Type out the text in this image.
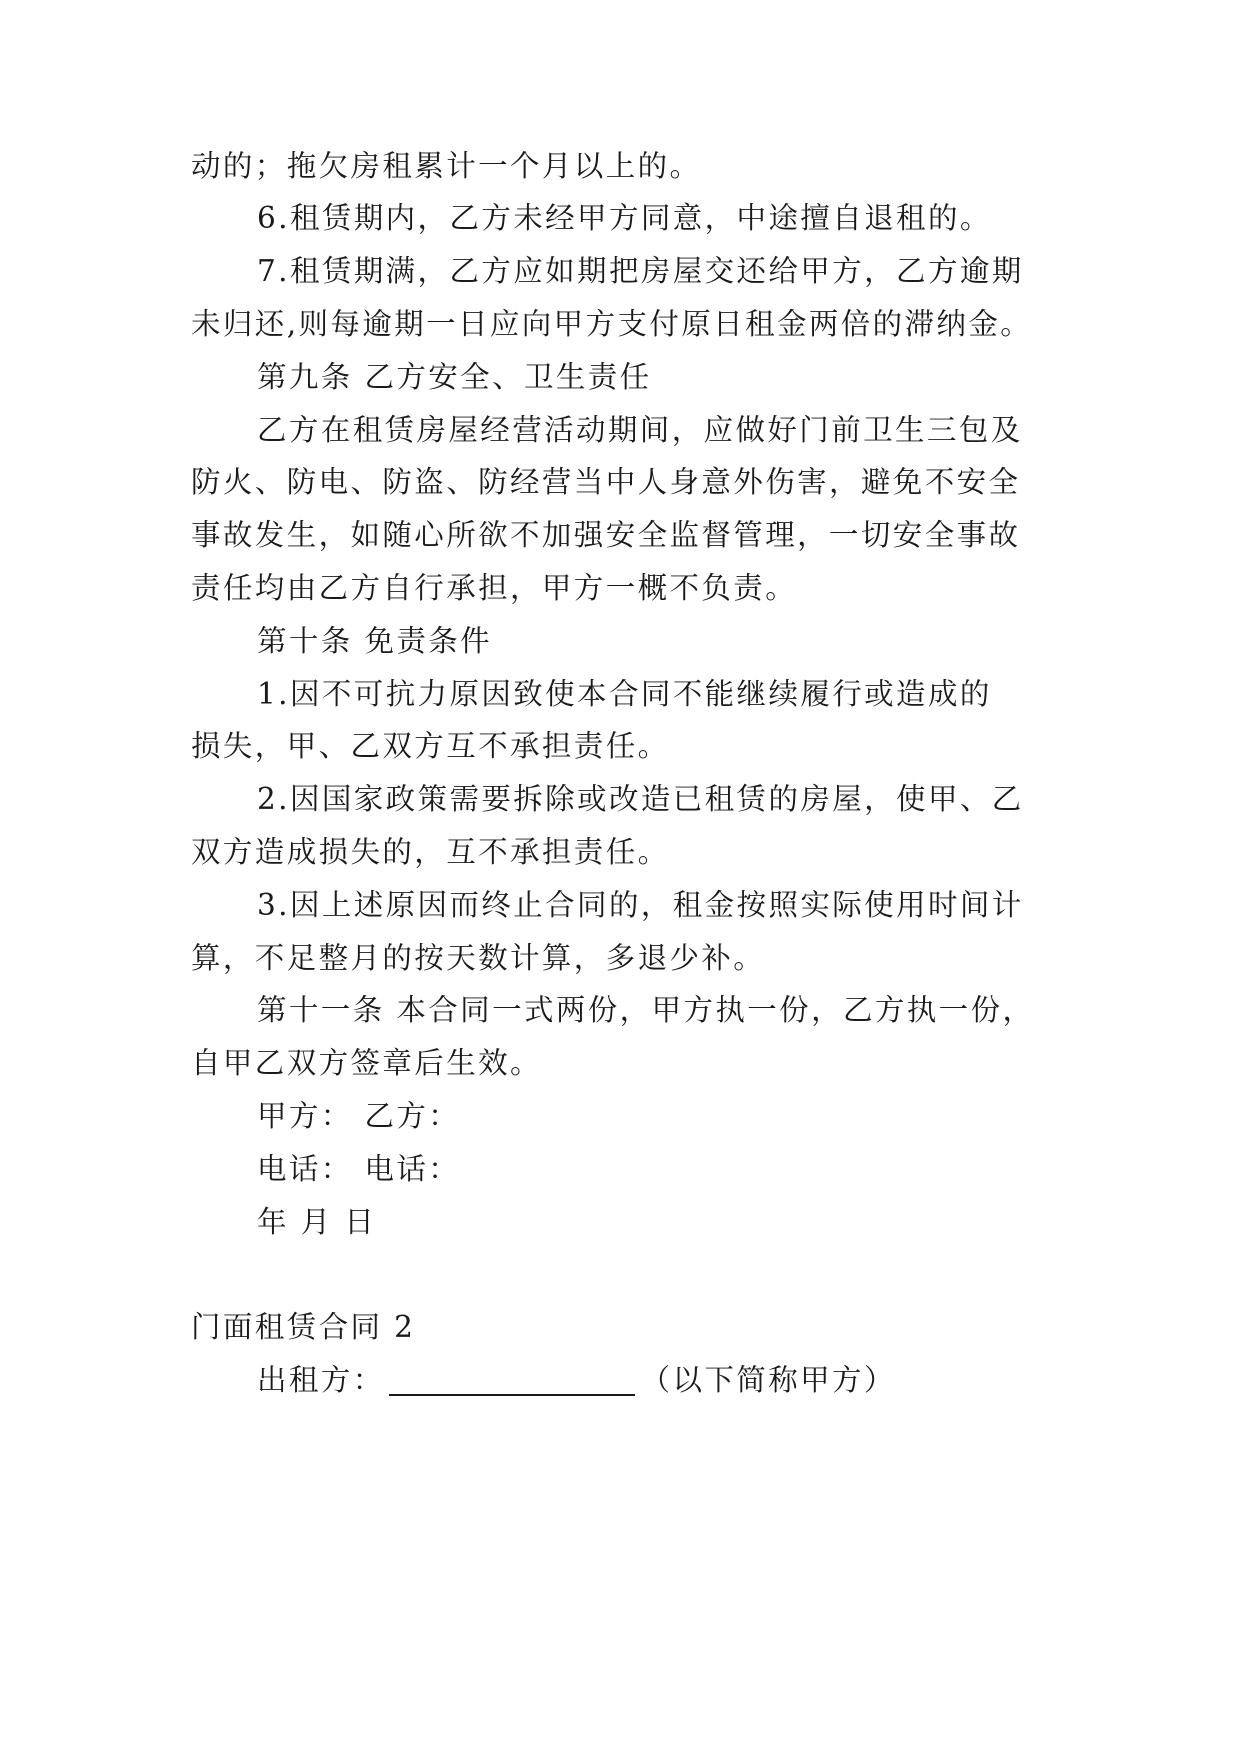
动的；拖欠房租累计一个月以上的。
6.租赁期内，乙方未经甲方同意，中途擅自退租的。
7.租赁期满，乙方应如期把房屋交还给甲方，乙方逾期
未归还,则每逾期一日应向甲方支付原日租金两倍的滞纳金。
第九条 乙方安全、卫生责任
乙方在租赁房屋经营活动期间，应做好门前卫生三包及
防火、防电、防盗、防经营当中人身意外伤害，避免不安全
事故发生，如随心所欲不加强安全监督管理，一切安全事故
责任均由乙方自行承担，甲方一概不负责。
第十条 免责条件
1.因不可抗力原因致使本合同不能继续履行或造成的
损失，甲、乙双方互不承担责任。
2.因国家政策需要拆除或改造已租赁的房屋，使甲、乙
双方造成损失的，互不承担责任。
3.因上述原因而终止合同的，租金按照实际使用时间计
算，不足整月的按天数计算，多退少补。
第十一条 本合同一式两份，甲方执一份，乙方执一份，
自甲乙双方签章后生效。
甲方： 乙方：
电话： 电话：
年 月 日
门面租赁合同 2
出租方：	（以下简称甲方）
